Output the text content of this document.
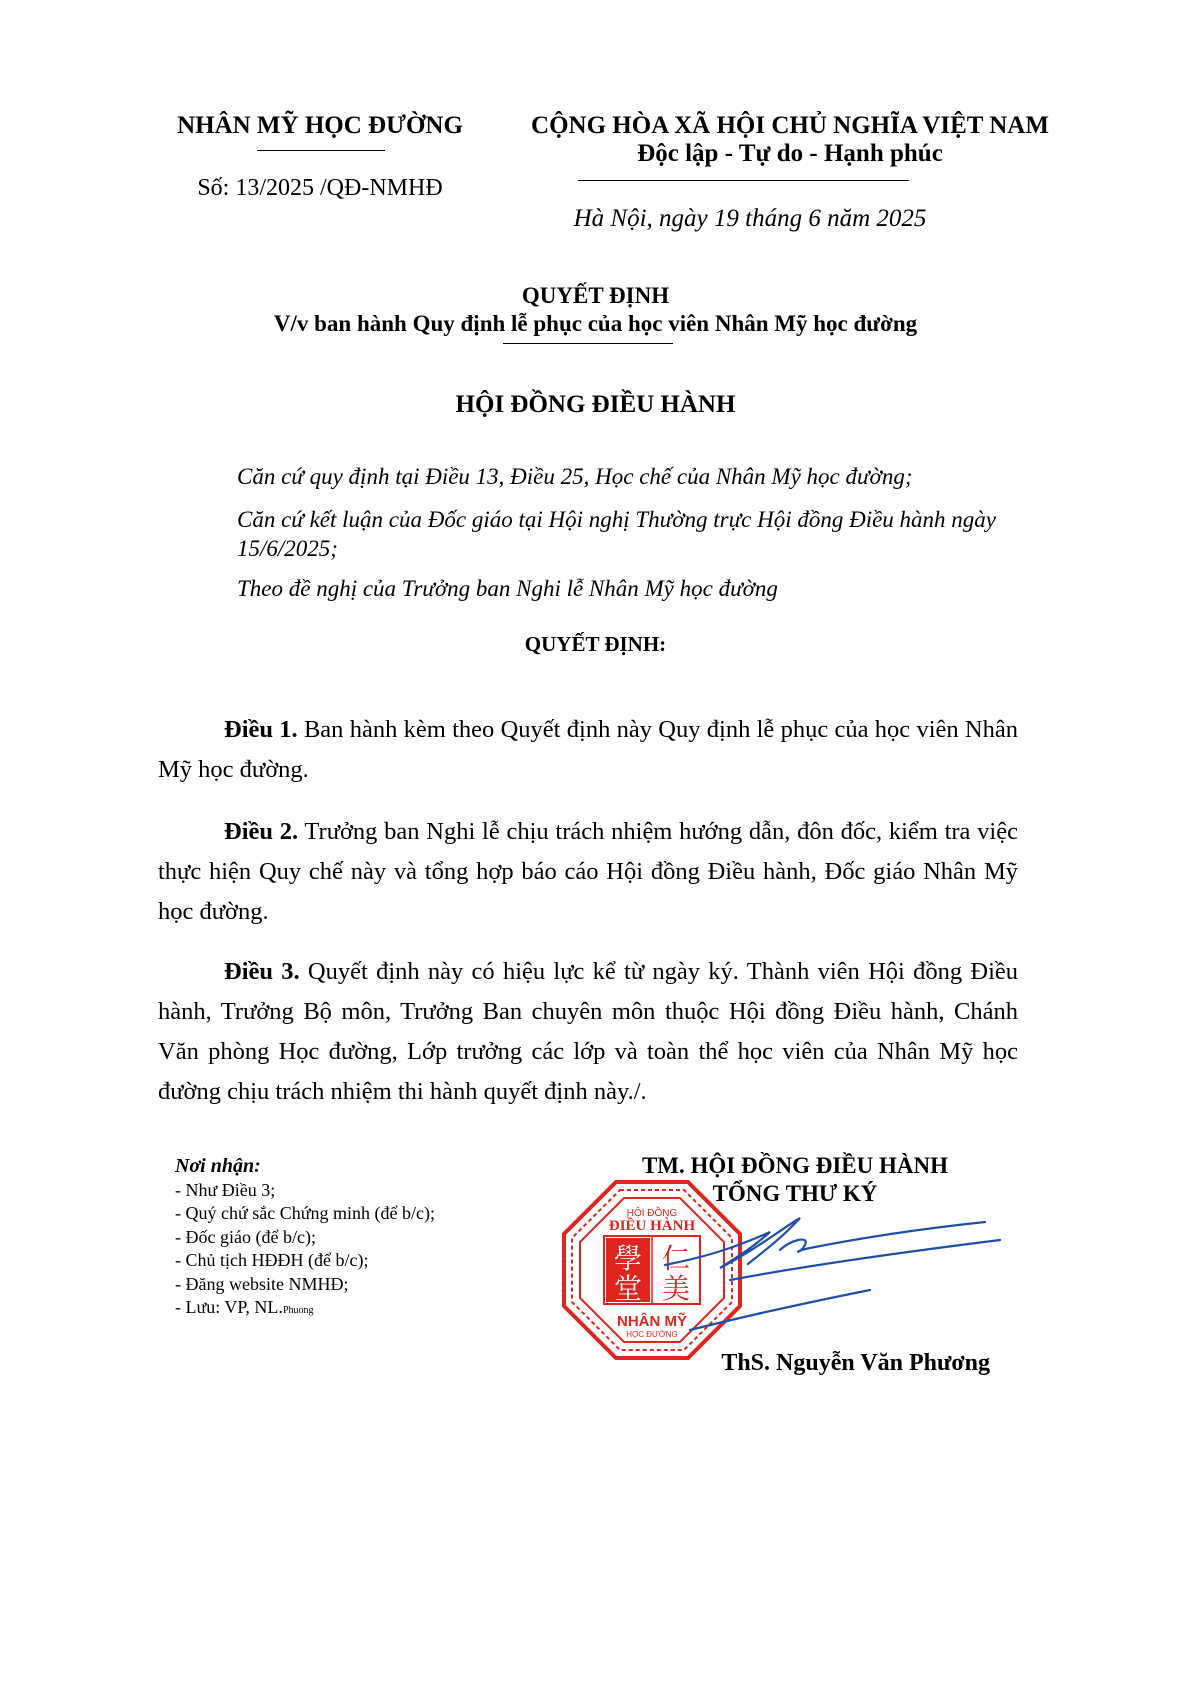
NHÂN MỸ HỌC ĐƯỜNG
Số: 13/2025 /QĐ-NMHĐ
CỘNG HÒA XÃ HỘI CHỦ NGHĨA VIỆT NAM
Độc lập - Tự do - Hạnh phúc
Hà Nội, ngày 19 tháng 6 năm 2025
QUYẾT ĐỊNH
V/v ban hành Quy định lễ phục của học viên Nhân Mỹ học đường
HỘI ĐỒNG ĐIỀU HÀNH
Căn cứ quy định tại Điều 13, Điều 25, Học chế của Nhân Mỹ học đường;
Căn cứ kết luận của Đốc giáo tại Hội nghị Thường trực Hội đồng Điều hành ngày 15/6/2025;
Theo đề nghị của Trưởng ban Nghi lễ Nhân Mỹ học đường
QUYẾT ĐỊNH:
Điều 1. Ban hành kèm theo Quyết định này Quy định lễ phục của học viên Nhân Mỹ học đường.
Điều 2. Trưởng ban Nghi lễ chịu trách nhiệm hướng dẫn, đôn đốc, kiểm tra việc thực hiện Quy chế này và tổng hợp báo cáo Hội đồng Điều hành, Đốc giáo Nhân Mỹ học đường.
Điều 3. Quyết định này có hiệu lực kể từ ngày ký. Thành viên Hội đồng Điều hành, Trưởng Bộ môn, Trưởng Ban chuyên môn thuộc Hội đồng Điều hành, Chánh Văn phòng Học đường, Lớp trưởng các lớp và toàn thể học viên của Nhân Mỹ học đường chịu trách nhiệm thi hành quyết định này./.
Nơi nhận:
- Như Điều 3;
- Quý chứ sắc Chứng minh (để b/c);
- Đốc giáo (để b/c);
- Chủ tịch HĐĐH (để b/c);
- Đăng website NMHĐ;
- Lưu: VP, NL.Phuong
HỘI ĐỒNG
ĐIỀU HÀNH
學 仁
堂 美
NHÂN MỸ
HỌC ĐƯỜNG
TM. HỘI ĐỒNG ĐIỀU HÀNH
TỔNG THƯ KÝ
ThS. Nguyễn Văn Phương
